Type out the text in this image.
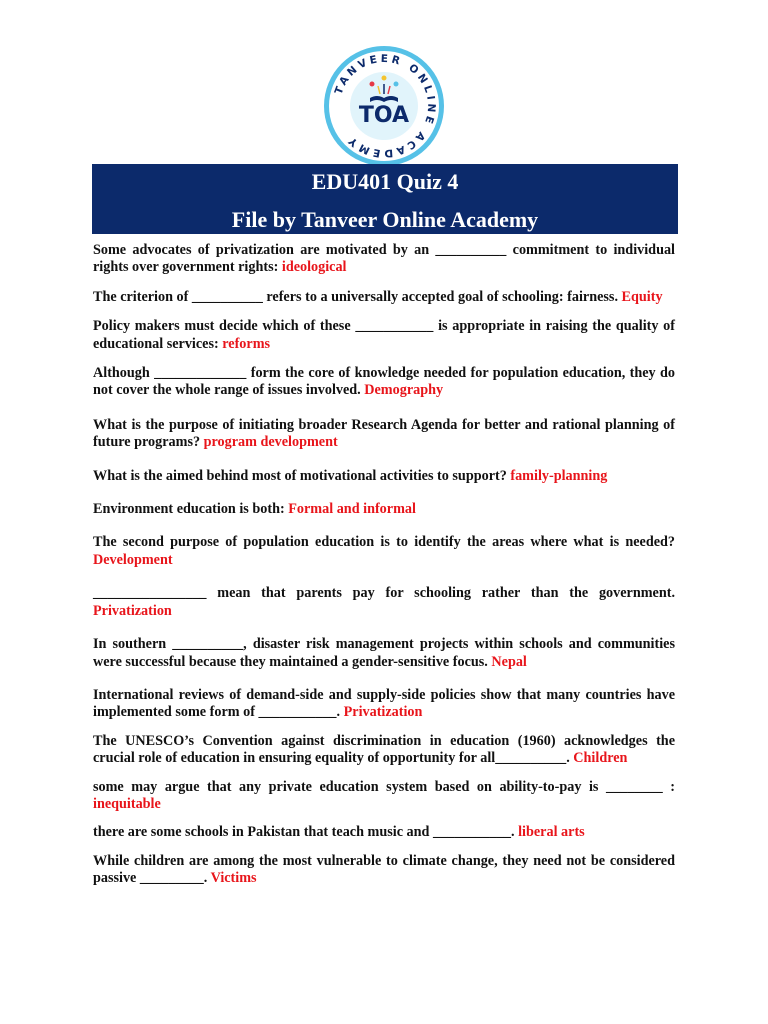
TANVEER ONLINE ACADEMY
TOA
EDU401 Quiz 4
File by Tanveer Online Academy

Some advocates of privatization are motivated by an __________ commitment to individual rights over government rights: ideological

The criterion of __________ refers to a universally accepted goal of schooling: fairness. Equity

Policy makers must decide which of these ___________ is appropriate in raising the quality of educational services: reforms

Although _____________ form the core of knowledge needed for population education, they do not cover the whole range of issues involved. Demography

What is the purpose of initiating broader Research Agenda for better and rational planning of future programs? program development

What is the aimed behind most of motivational activities to support? family-planning

Environment education is both: Formal and informal

The second purpose of population education is to identify the areas where what is needed? Development

________________ mean that parents pay for schooling rather than the government. Privatization

In southern __________, disaster risk management projects within schools and communities were successful because they maintained a gender-sensitive focus. Nepal

International reviews of demand-side and supply-side policies show that many countries have implemented some form of ___________. Privatization

The UNESCO’s Convention against discrimination in education (1960) acknowledges the crucial role of education in ensuring equality of opportunity for all__________. Children

some may argue that any private education system based on ability-to-pay is ________ : inequitable

there are some schools in Pakistan that teach music and ___________. liberal arts

While children are among the most vulnerable to climate change, they need not be considered passive _________. Victims
